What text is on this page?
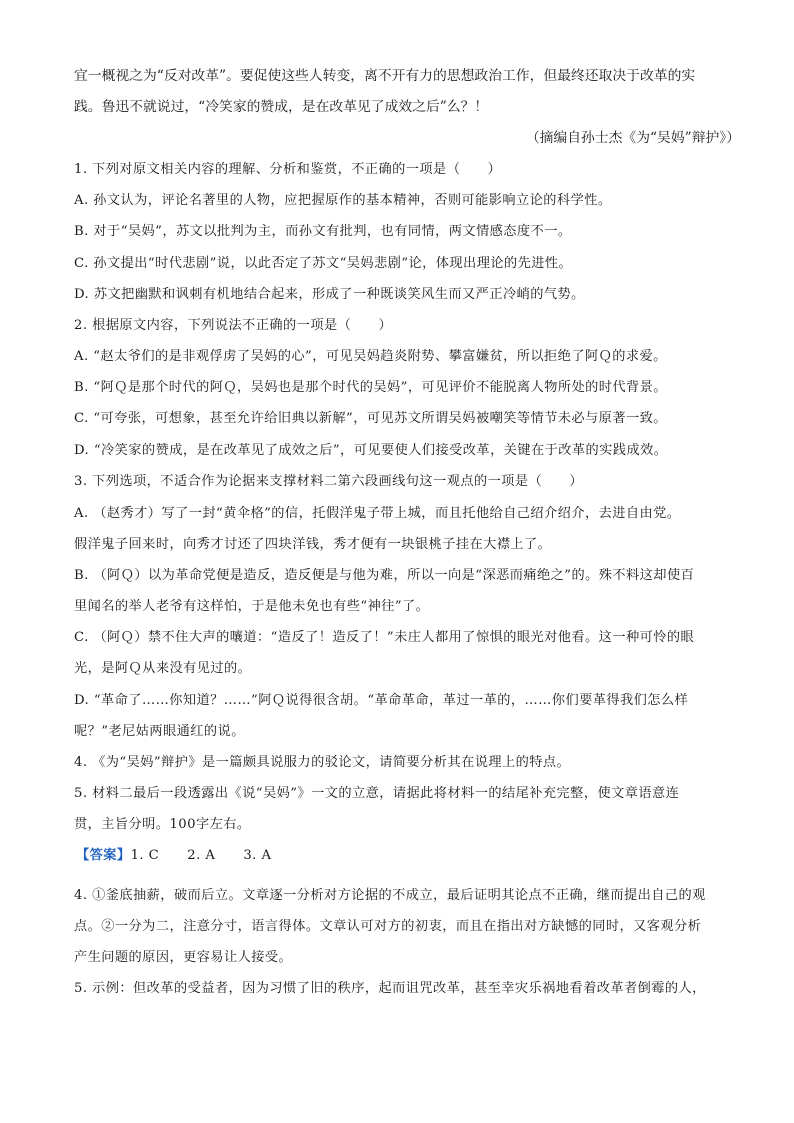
宜一概视之为“反对改革”。要促使这些人转变，离不开有力的思想政治工作，但最终还取决于改革的实
践。鲁迅不就说过，“冷笑家的赞成，是在改革见了成效之后”么？！
（摘编自孙士杰《为“吴妈”辩护》）
1. 下列对原文相关内容的理解、分析和鉴赏，不正确的一项是（　　）
A. 孙文认为，评论名著里的人物，应把握原作的基本精神，否则可能影响立论的科学性。
B. 对于“吴妈”，苏文以批判为主，而孙文有批判，也有同情，两文情感态度不一。
C. 孙文提出“时代悲剧”说，以此否定了苏文“吴妈悲剧”论，体现出理论的先进性。
D. 苏文把幽默和讽刺有机地结合起来，形成了一种既谈笑风生而又严正冷峭的气势。
2. 根据原文内容，下列说法不正确的一项是（　　）
A. “赵太爷们的是非观俘虏了吴妈的心”，可见吴妈趋炎附势、攀富嫌贫，所以拒绝了阿Ｑ的求爱。
B. “阿Ｑ是那个时代的阿Ｑ，吴妈也是那个时代的吴妈”，可见评价不能脱离人物所处的时代背景。
C. “可夸张，可想象，甚至允许给旧典以新解”，可见苏文所谓吴妈被嘲笑等情节未必与原著一致。
D. “冷笑家的赞成，是在改革见了成效之后”，可见要使人们接受改革，关键在于改革的实践成效。
3. 下列选项，不适合作为论据来支撑材料二第六段画线句这一观点的一项是（　　）
A. （赵秀才）写了一封“黄伞格”的信，托假洋鬼子带上城，而且托他给自己绍介绍介，去进自由党。
假洋鬼子回来时，向秀才讨还了四块洋钱，秀才便有一块银桃子挂在大襟上了。
B. （阿Ｑ）以为革命党便是造反，造反便是与他为难，所以一向是“深恶而痛绝之”的。殊不料这却使百
里闻名的举人老爷有这样怕，于是他未免也有些“神往”了。
C. （阿Ｑ）禁不住大声的嚷道：“造反了！造反了！”未庄人都用了惊惧的眼光对他看。这一种可怜的眼
光，是阿Ｑ从来没有见过的。
D. “革命了……你知道？……”阿Ｑ说得很含胡。“革命革命，革过一革的，……你们要革得我们怎么样
呢？”老尼姑两眼通红的说。
4. 《为“吴妈”辩护》是一篇颇具说服力的驳论文，请简要分析其在说理上的特点。
5. 材料二最后一段透露出《说“吴妈”》一文的立意，请据此将材料一的结尾补充完整，使文章语意连
贯，主旨分明。100字左右。
【答案】1. C 2. A 3. A
4. ①釜底抽薪，破而后立。文章逐一分析对方论据的不成立，最后证明其论点不正确，继而提出自己的观
点。②一分为二，注意分寸，语言得体。文章认可对方的初衷，而且在指出对方缺憾的同时，又客观分析
产生问题的原因，更容易让人接受。
5. 示例：但改革的受益者，因为习惯了旧的秩序，起而诅咒改革，甚至幸灾乐祸地看着改革者倒霉的人，
